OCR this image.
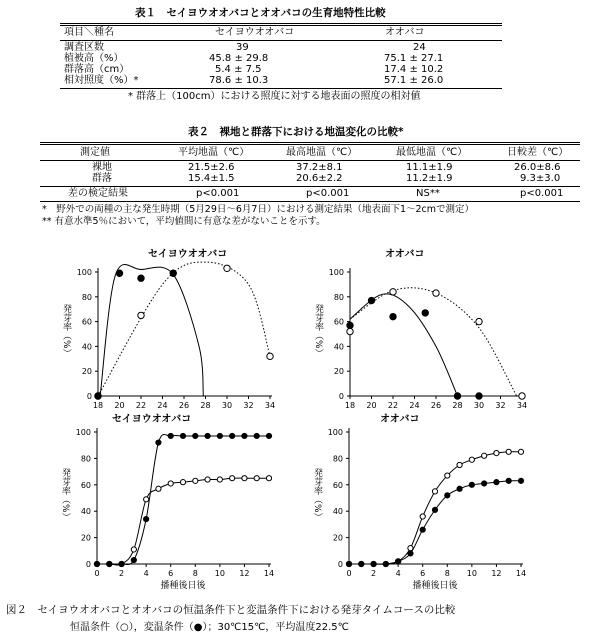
表１　セイヨウオオバコとオオバコの生育地特性比較
項目＼種名	セイヨウオオバコ	オオバコ
調査区数	39	24
植被高（%）	45.8 ± 29.8	75.1 ± 27.1
群落高（cm）	5.4 ± 7.5	17.4 ± 10.2
相対照度（%）*	78.6 ± 10.3	57.1 ± 26.0
* 群落上（100cm）における照度に対する地表面の照度の相対値
表２　裸地と群落下における地温変化の比較*
測定値	平均地温（℃）	最高地温（℃）	最低地温（℃）	日較差（℃）
裸地	21.5±2.6	37.2±8.1	11.1±1.9	26.0±8.6
群落	15.4±1.5	20.6±2.2	11.2±1.9	9.3±3.0
差の検定結果	p<0.001	p<0.001	NS**	p<0.001
*　野外での両種の主な発生時期（5月29日～6月7日）における測定結果（地表面下1～2cmで測定）
** 有意水準5％において，平均値間に有意な差がないことを示す。
セイヨウオオバコ
0
20
40
60
80
100
18 20 22 24 26 28 30 32 34
発芽率（%）
オオバコ
0
20
40
60
80
100
18 20 22 24 26 28 30 32 34
発芽率（%）
セイヨウオオバコ
0
20
40
60
80
100
0 2 4 6 8 10 12 14
発芽率（%）
播種後日後
オオバコ
0
20
40
60
80
100
0 2 4 6 8 10 12 14
発芽率（%）
播種後日後
図２　セイヨウオオバコとオオバコの恒温条件下と変温条件下における発芽タイムコースの比較
恒温条件（○），変温条件（●）；30℃15℃，平均温度22.5℃
